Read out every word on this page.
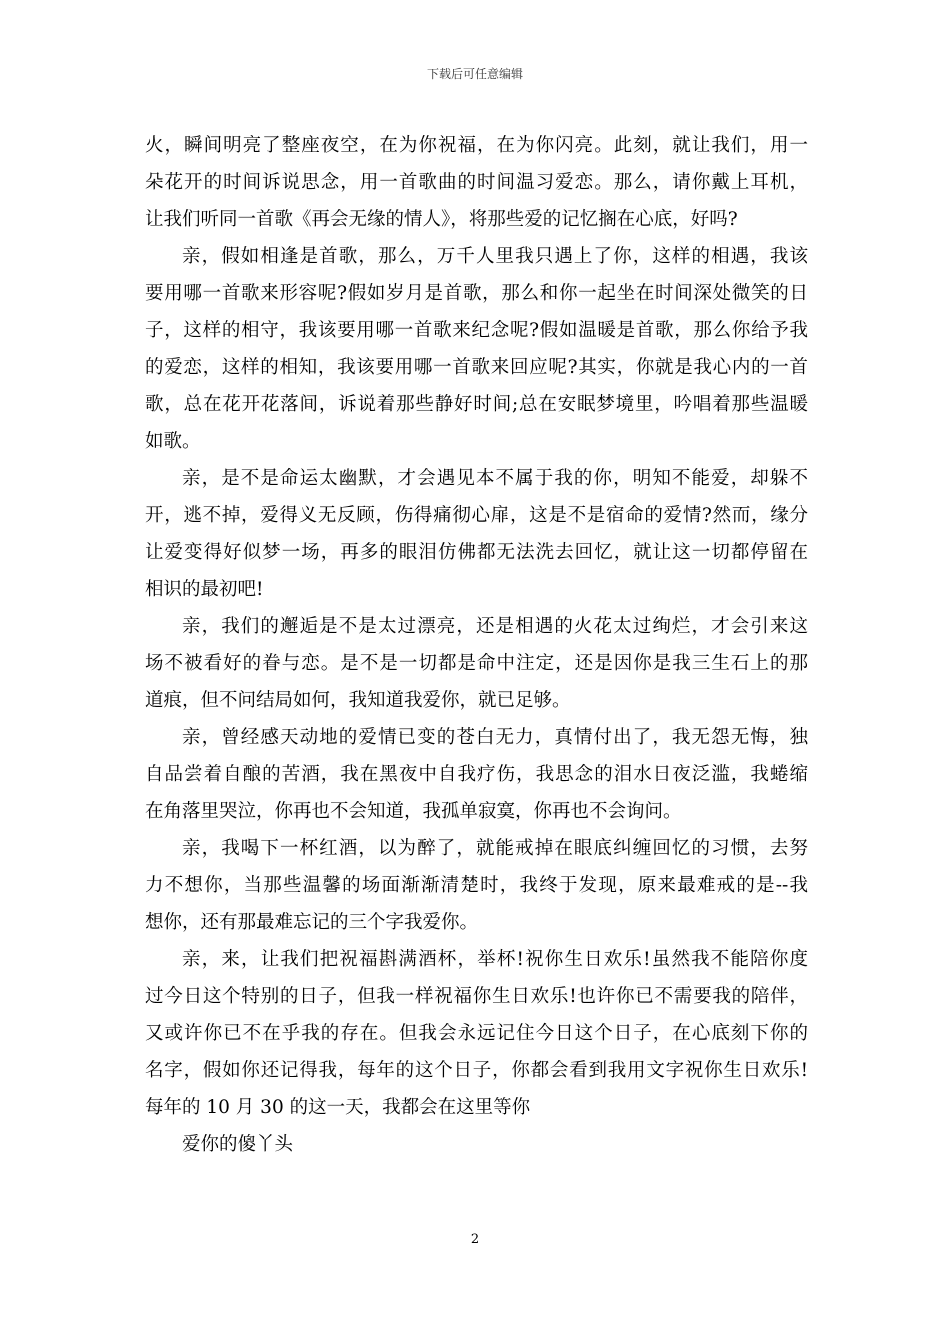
下载后可任意编辑
火，瞬间明亮了整座夜空，在为你祝福，在为你闪亮。此刻，就让我们，用一
朵花开的时间诉说思念，用一首歌曲的时间温习爱恋。那么，请你戴上耳机，
让我们听同一首歌《再会无缘的情人》，将那些爱的记忆搁在心底，好吗?
亲，假如相逢是首歌，那么，万千人里我只遇上了你，这样的相遇，我该
要用哪一首歌来形容呢?假如岁月是首歌，那么和你一起坐在时间深处微笑的日
子，这样的相守，我该要用哪一首歌来纪念呢?假如温暖是首歌，那么你给予我
的爱恋，这样的相知，我该要用哪一首歌来回应呢?其实，你就是我心内的一首
歌，总在花开花落间，诉说着那些静好时间;总在安眠梦境里，吟唱着那些温暖
如歌。
亲，是不是命运太幽默，才会遇见本不属于我的你，明知不能爱，却躲不
开，逃不掉，爱得义无反顾，伤得痛彻心扉，这是不是宿命的爱情?然而，缘分
让爱变得好似梦一场，再多的眼泪仿佛都无法洗去回忆，就让这一切都停留在
相识的最初吧!
亲，我们的邂逅是不是太过漂亮，还是相遇的火花太过绚烂，才会引来这
场不被看好的眷与恋。是不是一切都是命中注定，还是因你是我三生石上的那
道痕，但不问结局如何，我知道我爱你，就已足够。
亲，曾经感天动地的爱情已变的苍白无力，真情付出了，我无怨无悔，独
自品尝着自酿的苦酒，我在黑夜中自我疗伤，我思念的泪水日夜泛滥，我蜷缩
在角落里哭泣，你再也不会知道，我孤单寂寞，你再也不会询问。
亲，我喝下一杯红酒，以为醉了，就能戒掉在眼底纠缠回忆的习惯，去努
力不想你，当那些温馨的场面渐渐清楚时，我终于发现，原来最难戒的是--我
想你，还有那最难忘记的三个字我爱你。
亲，来，让我们把祝福斟满酒杯，举杯!祝你生日欢乐!虽然我不能陪你度
过今日这个特别的日子，但我一样祝福你生日欢乐!也许你已不需要我的陪伴，
又或许你已不在乎我的存在。但我会永远记住今日这个日子，在心底刻下你的
名字，假如你还记得我，每年的这个日子，你都会看到我用文字祝你生日欢乐!
每年的 10 月 30 的这一天，我都会在这里等你
爱你的傻丫头
2
